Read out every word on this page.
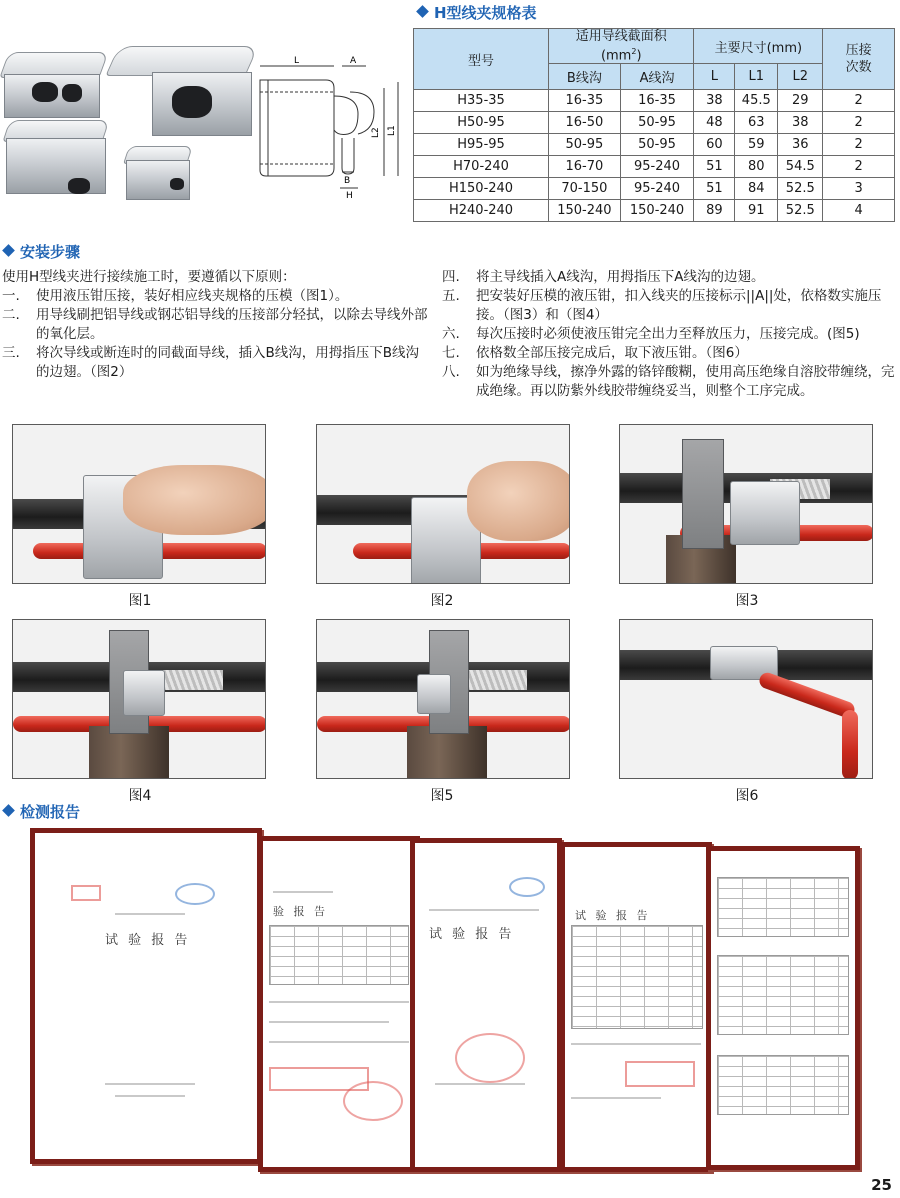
L	A
L2 L1
B
H
H型线夹规格表
型号	适用导线截面积
$(mm^2)$		主要尺寸(mm)			压接
次数
	B线沟	A线沟	L	L1	L2	
H35-35	16-35	16-35	38	45.5	29	2
H50-95	16-50	50-95	48	63	38	2
H95-95	50-95	50-95	60	59	36	2
H70-240	16-70	95-240	51	80	54.5	2
H150-240	70-150	95-240	51	84	52.5	3
H240-240	150-240	150-240	89	91	52.5	4
安装步骤
使用H型线夹进行接续施工时，要遵循以下原则：
一. 使用液压钳压接，装好相应线夹规格的压模（图1）。
二. 用导线刷把铝导线或钢芯铝导线的压接部分轻拭，以除去导线外部的氧化层。
三. 将次导线或断连时的同截面导线，插入B线沟，用拇指压下B线沟的边翅。（图2）
四. 将主导线插入A线沟，用拇指压下A线沟的边翅。
五. 把安装好压模的液压钳，扣入线夹的压接标示||A||处，依格数实施压接。（图3）和（图4）
六. 每次压接时必须使液压钳完全出力至释放压力，压接完成。(图5)
七. 依格数全部压接完成后，取下液压钳。（图6）
八. 如为绝缘导线，擦净外露的铬锌酸糊，使用高压绝缘自溶胶带缠绕，完成绝缘。再以防紫外线胶带缠绕妥当，则整个工序完成。
图1	图2	图3
图4	图5	图6
检测报告
试 验 报 告
验 报 告
试 验 报 告
试 验 报 告
25
